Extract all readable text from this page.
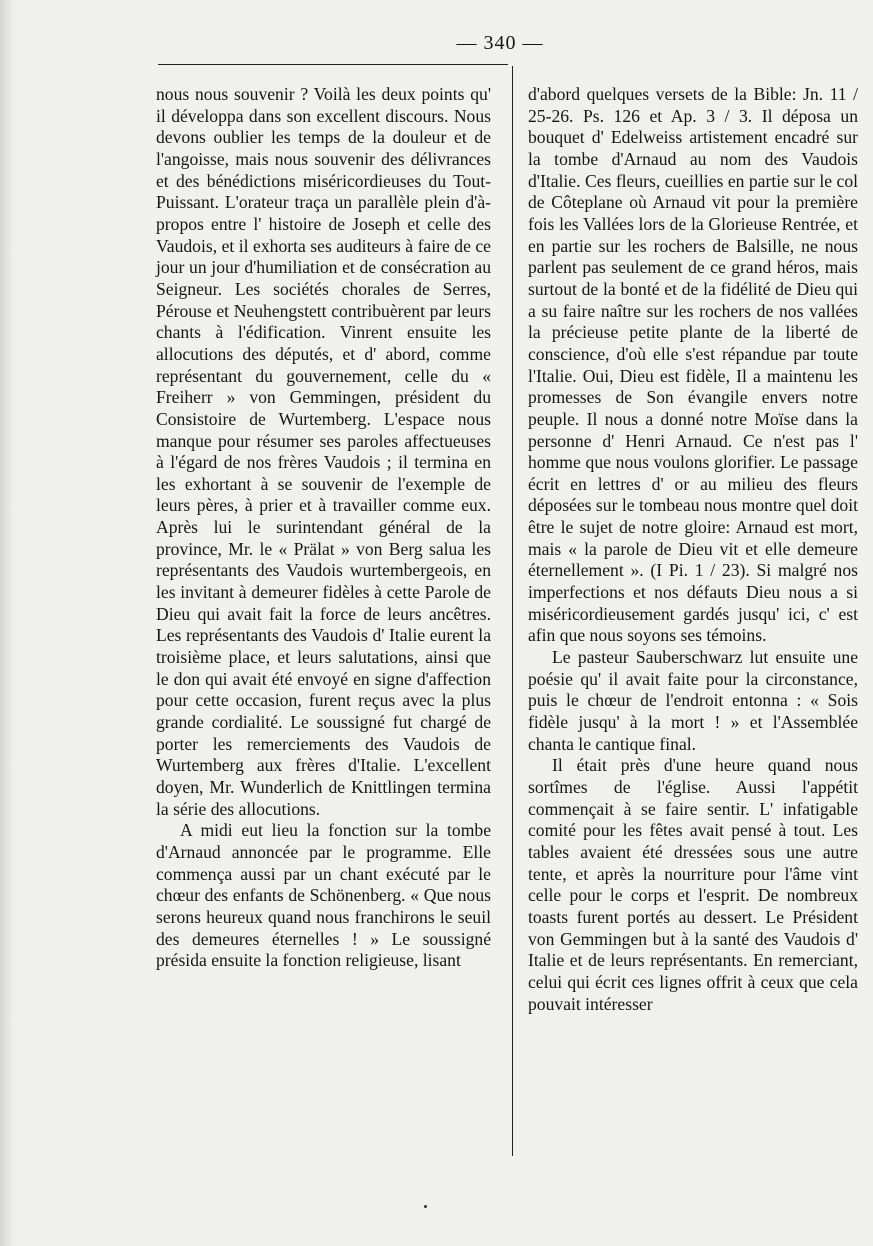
— 340 —

nous nous souvenir ? Voilà les deux points qu' il développa dans son excellent discours. Nous devons oublier les temps de la douleur et de l'angoisse, mais nous souvenir des délivrances et des bénédictions miséricordieuses du Tout-Puissant. L'orateur traça un parallèle plein d'à-propos entre l' histoire de Joseph et celle des Vaudois, et il exhorta ses auditeurs à faire de ce jour un jour d'humiliation et de consécration au Seigneur. Les sociétés chorales de Serres, Pérouse et Neuhengstett contribuèrent par leurs chants à l'édification. Vinrent ensuite les allocutions des députés, et d' abord, comme représentant du gouvernement, celle du « Freiherr » von Gemmingen, président du Consistoire de Wurtemberg. L'espace nous manque pour résumer ses paroles affectueuses à l'égard de nos frères Vaudois ; il termina en les exhortant à se souvenir de l'exemple de leurs pères, à prier et à travailler comme eux. Après lui le surintendant général de la province, Mr. le « Prälat » von Berg salua les représentants des Vaudois wurtembergeois, en les invitant à demeurer fidèles à cette Parole de Dieu qui avait fait la force de leurs ancêtres. Les représentants des Vaudois d' Italie eurent la troisième place, et leurs salutations, ainsi que le don qui avait été envoyé en signe d'affection pour cette occasion, furent reçus avec la plus grande cordialité. Le soussigné fut chargé de porter les remerciements des Vaudois de Wurtemberg aux frères d'Italie. L'excellent doyen, Mr. Wunderlich de Knittlingen termina la série des allocutions.

A midi eut lieu la fonction sur la tombe d'Arnaud annoncée par le programme. Elle commença aussi par un chant exécuté par le chœur des enfants de Schönenberg. « Que nous serons heureux quand nous franchirons le seuil des demeures éternelles ! » Le soussigné présida ensuite la fonction religieuse, lisant

d'abord quelques versets de la Bible: Jn. 11 / 25-26. Ps. 126 et Ap. 3 / 3. Il déposa un bouquet d' Edelweiss artistement encadré sur la tombe d'Arnaud au nom des Vaudois d'Italie. Ces fleurs, cueillies en partie sur le col de Côteplane où Arnaud vit pour la première fois les Vallées lors de la Glorieuse Rentrée, et en partie sur les rochers de Balsille, ne nous parlent pas seulement de ce grand héros, mais surtout de la bonté et de la fidélité de Dieu qui a su faire naître sur les rochers de nos vallées la précieuse petite plante de la liberté de conscience, d'où elle s'est répandue par toute l'Italie. Oui, Dieu est fidèle, Il a maintenu les promesses de Son évangile envers notre peuple. Il nous a donné notre Moïse dans la personne d' Henri Arnaud. Ce n'est pas l' homme que nous voulons glorifier. Le passage écrit en lettres d' or au milieu des fleurs déposées sur le tombeau nous montre quel doit être le sujet de notre gloire: Arnaud est mort, mais « la parole de Dieu vit et elle demeure éternellement ». (I Pi. 1 / 23). Si malgré nos imperfections et nos défauts Dieu nous a si miséricordieusement gardés jusqu' ici, c' est afin que nous soyons ses témoins.

Le pasteur Sauberschwarz lut ensuite une poésie qu' il avait faite pour la circonstance, puis le chœur de l'endroit entonna : « Sois fidèle jusqu' à la mort ! » et l'Assemblée chanta le cantique final.

Il était près d'une heure quand nous sortîmes de l'église. Aussi l'appétit commençait à se faire sentir. L' infatigable comité pour les fêtes avait pensé à tout. Les tables avaient été dressées sous une autre tente, et après la nourriture pour l'âme vint celle pour le corps et l'esprit. De nombreux toasts furent portés au dessert. Le Président von Gemmingen but à la santé des Vaudois d' Italie et de leurs représentants. En remerciant, celui qui écrit ces lignes offrit à ceux que cela pouvait intéresser
